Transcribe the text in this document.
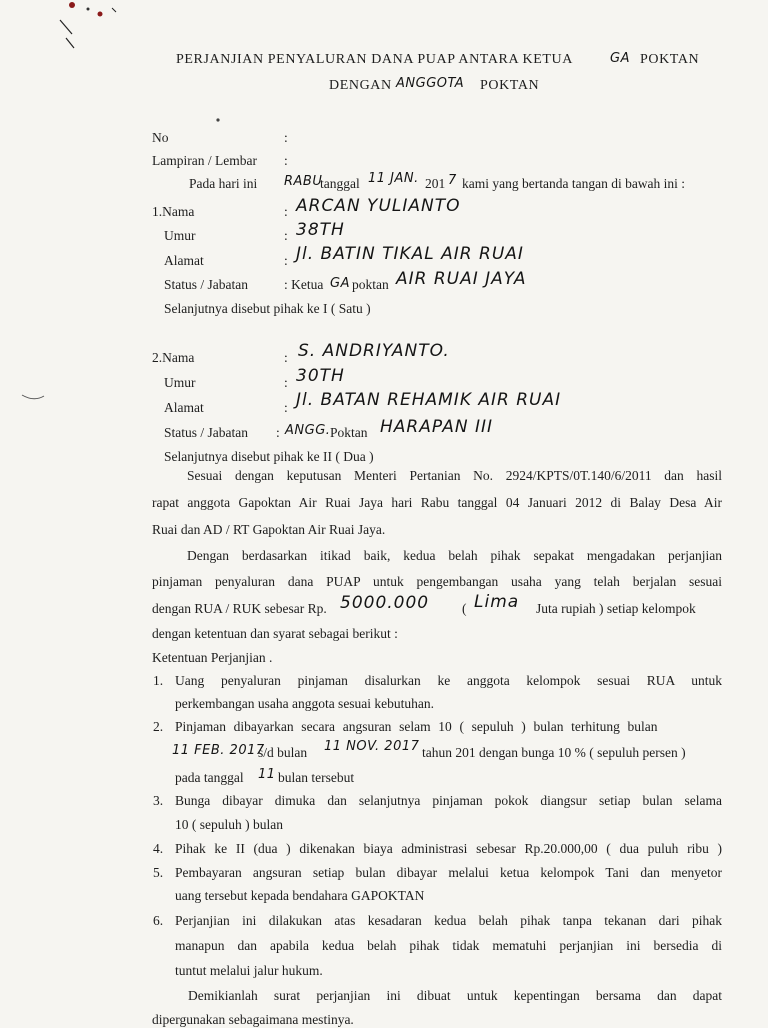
PERJANJIAN PENYALURAN DANA PUAP ANTARA KETUA	GA POKTAN
DENGAN ANGGOTA POKTAN
No	:
Lampiran / Lembar :
Pada hari ini RABU
tanggal 11 JAN. 201 7 kami yang bertanda tangan di bawah ini :
1.Nama	: ARCAN YULIANTO
Umur	: 38TH
Alamat	: Jl. BATIN TIKAL AIR RUAI
Status / Jabatan	: Ketua GA poktan AIR RUAI JAYA
Selanjutnya disebut pihak ke I ( Satu )
2.Nama	: S. ANDRIYANTO.
Umur	: 30TH
Alamat	: Jl. BATAN REHAMIK AIR RUAI
Status / Jabatan : ANGG. Poktan HARAPAN III
Selanjutnya disebut pihak ke II ( Dua )
Sesuai dengan keputusan Menteri Pertanian No. 2924/KPTS/0T.140/6/2011 dan hasil
rapat anggota Gapoktan Air Ruai Jaya hari Rabu tanggal 04 Januari 2012 di Balay Desa Air
Ruai dan AD / RT Gapoktan Air Ruai Jaya.
Dengan berdasarkan itikad baik, kedua belah pihak sepakat mengadakan perjanjian
pinjaman penyaluran dana PUAP untuk pengembangan usaha yang telah berjalan sesuai
dengan RUA / RUK sebesar Rp. 5000.000 ( Lima Juta rupiah ) setiap kelompok
dengan ketentuan dan syarat sebagai berikut :
Ketentuan Perjanjian .
1. Uang penyaluran pinjaman disalurkan ke anggota kelompok sesuai RUA untuk
perkembangan usaha anggota sesuai kebutuhan.
2. Pinjaman dibayarkan secara angsuran selam 10 ( sepuluh ) bulan terhitung bulan
11 FEB. 2017
s/d bulan 11 NOV. 2017 tahun 201 dengan bunga 10 % ( sepuluh persen )
pada tanggal 11 bulan tersebut
3. Bunga dibayar dimuka dan selanjutnya pinjaman pokok diangsur setiap bulan selama
10 ( sepuluh ) bulan
4. Pihak ke II (dua ) dikenakan biaya administrasi sebesar Rp.20.000,00 ( dua puluh ribu )
5. Pembayaran angsuran setiap bulan dibayar melalui ketua kelompok Tani dan menyetor
uang tersebut kepada bendahara GAPOKTAN
6. Perjanjian ini dilakukan atas kesadaran kedua belah pihak tanpa tekanan dari pihak
manapun dan apabila kedua belah pihak tidak mematuhi perjanjian ini bersedia di
tuntut melalui jalur hukum.
Demikianlah surat perjanjian ini dibuat untuk kepentingan bersama dan dapat
dipergunakan sebagaimana mestinya.
